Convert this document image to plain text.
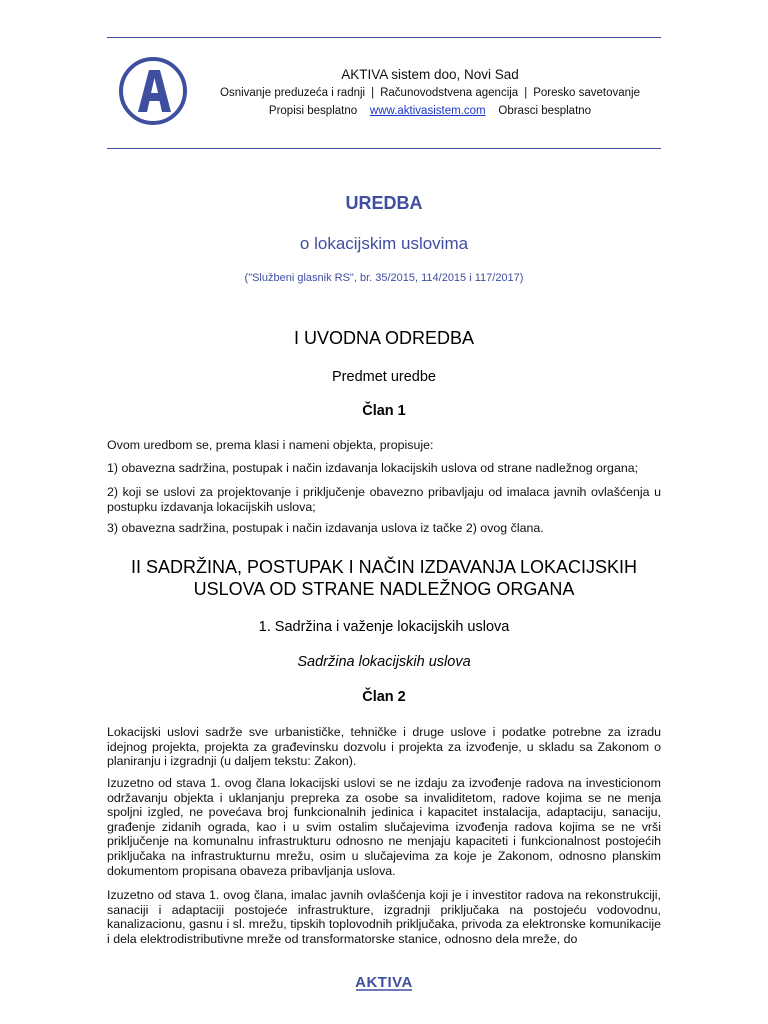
AKTIVA sistem doo, Novi Sad
Osnivanje preduzeća i radnji | Računovodstvena agencija | Poresko savetovanje
Propisi besplatno www.aktivasistem.com Obrasci besplatno
UREDBA
o lokacijskim uslovima
("Službeni glasnik RS", br. 35/2015, 114/2015 i 117/2017)
I UVODNA ODREDBA
Predmet uredbe
Član 1
Ovom uredbom se, prema klasi i nameni objekta, propisuje:
1) obavezna sadržina, postupak i način izdavanja lokacijskih uslova od strane nadležnog organa;
2) koji se uslovi za projektovanje i priključenje obavezno pribavljaju od imalaca javnih ovlašćenja u postupku izdavanja lokacijskih uslova;
3) obavezna sadržina, postupak i način izdavanja uslova iz tačke 2) ovog člana.
II SADRŽINA, POSTUPAK I NAČIN IZDAVANJA LOKACIJSKIH
USLOVA OD STRANE NADLEŽNOG ORGANA
1. Sadržina i važenje lokacijskih uslova
Sadržina lokacijskih uslova
Član 2
Lokacijski uslovi sadrže sve urbanističke, tehničke i druge uslove i podatke potrebne za izradu idejnog projekta, projekta za građevinsku dozvolu i projekta za izvođenje, u skladu sa Zakonom o planiranju i izgradnji (u daljem tekstu: Zakon).
Izuzetno od stava 1. ovog člana lokacijski uslovi se ne izdaju za izvođenje radova na investicionom održavanju objekta i uklanjanju prepreka za osobe sa invaliditetom, radove kojima se ne menja spoljni izgled, ne povećava broj funkcionalnih jedinica i kapacitet instalacija, adaptaciju, sanaciju, građenje zidanih ograda, kao i u svim ostalim slučajevima izvođenja radova kojima se ne vrši priključenje na komunalnu infrastrukturu odnosno ne menjaju kapaciteti i funkcionalnost postojećih priključaka na infrastrukturnu mrežu, osim u slučajevima za koje je Zakonom, odnosno planskim dokumentom propisana obaveza pribavljanja uslova.
Izuzetno od stava 1. ovog člana, imalac javnih ovlašćenja koji je i investitor radova na rekonstrukciji, sanaciji i adaptaciji postojeće infrastrukture, izgradnji priključaka na postojeću vodovodnu, kanalizacionu, gasnu i sl. mrežu, tipskih toplovodnih priključaka, privoda za elektronske komunikacije i dela elektrodistributivne mreže od transformatorske stanice, odnosno dela mreže, do
AKTIVA
